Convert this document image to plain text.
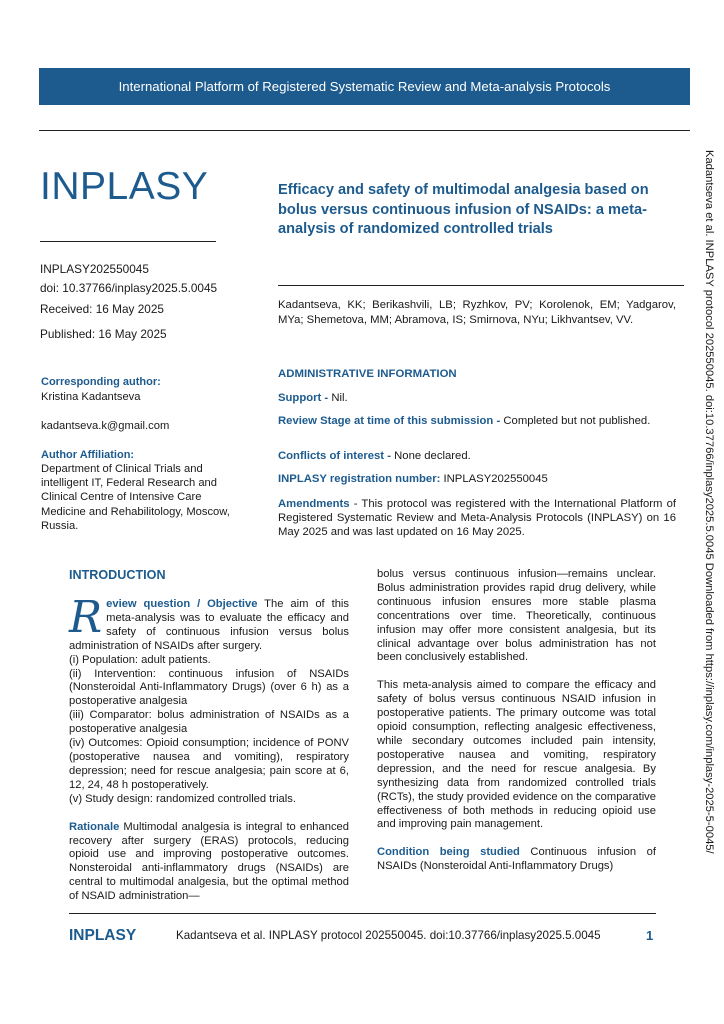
International Platform of Registered Systematic Review and Meta-analysis Protocols
INPLASY
INPLASY202550045
doi: 10.37766/inplasy2025.5.0045
Received: 16 May 2025
Published: 16 May 2025
Corresponding author:
Kristina Kadantseva
kadantseva.k@gmail.com
Author Affiliation:
Department of Clinical Trials and intelligent IT, Federal Research and Clinical Centre of Intensive Care Medicine and Rehabilitology, Moscow, Russia.
Efficacy and safety of multimodal analgesia based on bolus versus continuous infusion of NSAIDs: a meta-analysis of randomized controlled trials
Kadantseva, KK; Berikashvili, LB; Ryzhkov, PV; Korolenok, EM; Yadgarov, MYa; Shemetova, MM; Abramova, IS; Smirnova, NYu; Likhvantsev, VV.
ADMINISTRATIVE INFORMATION
Support - Nil.
Review Stage at time of this submission - Completed but not published.
Conflicts of interest - None declared.
INPLASY registration number: INPLASY202550045
Amendments - This protocol was registered with the International Platform of Registered Systematic Review and Meta-Analysis Protocols (INPLASY) on 16 May 2025 and was last updated on 16 May 2025.
INTRODUCTION

Review question / Objective The aim of this meta-analysis was to evaluate the efficacy and safety of continuous infusion versus bolus administration of NSAIDs after surgery.

(i) Population: adult patients.

(ii) Intervention: continuous infusion of NSAIDs (Nonsteroidal Anti-Inflammatory Drugs) (over 6 h) as a postoperative analgesia

(iii) Comparator: bolus administration of NSAIDs as a postoperative analgesia

(iv) Outcomes: Opioid consumption; incidence of PONV (postoperative nausea and vomiting), respiratory depression; need for rescue analgesia; pain score at 6, 12, 24, 48 h postoperatively.

(v) Study design: randomized controlled trials.

Rationale Multimodal analgesia is integral to enhanced recovery after surgery (ERAS) protocols, reducing opioid use and improving postoperative outcomes. Nonsteroidal anti-inflammatory drugs (NSAIDs) are central to multimodal analgesia, but the optimal method of NSAID administration—

bolus versus continuous infusion—remains unclear. Bolus administration provides rapid drug delivery, while continuous infusion ensures more stable plasma concentrations over time. Theoretically, continuous infusion may offer more consistent analgesia, but its clinical advantage over bolus administration has not been conclusively established.

This meta-analysis aimed to compare the efficacy and safety of bolus versus continuous NSAID infusion in postoperative patients. The primary outcome was total opioid consumption, reflecting analgesic effectiveness, while secondary outcomes included pain intensity, postoperative nausea and vomiting, respiratory depression, and the need for rescue analgesia. By synthesizing data from randomized controlled trials (RCTs), the study provided evidence on the comparative effectiveness of both methods in reducing opioid use and improving pain management.

Condition being studied Continuous infusion of NSAIDs (Nonsteroidal Anti-Inflammatory Drugs)

Kadantseva et al. INPLASY protocol 202550045. doi:10.37766/inplasy2025.5.0045 Downloaded from https://inplasy.com/inplasy-2025-5-0045/
INPLASY	Kadantseva et al. INPLASY protocol 202550045. doi:10.37766/inplasy2025.5.0045	1
